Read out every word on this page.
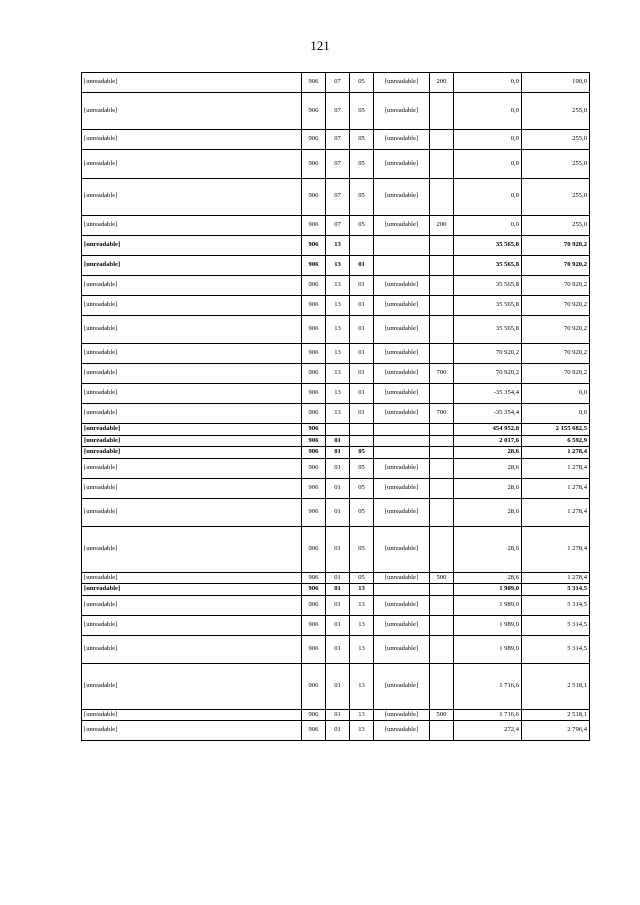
121
[unreadable]	906	07	05	[unreadable]	200	0,0	190,0
[unreadable]	906	07	05	[unreadable]		0,0	255,0
[unreadable]	906	07	05	[unreadable]		0,0	255,0
[unreadable]	906	07	05	[unreadable]		0,0	255,0
[unreadable]	906	07	05	[unreadable]		0,0	255,0
[unreadable]	906	07	05	[unreadable]	200	0,0	255,0
[unreadable]	906	13				35 565,8	70 920,2
[unreadable]	906	13	01			35 565,8	70 920,2
[unreadable]	906	13	01	[unreadable]		35 565,8	70 920,2
[unreadable]	906	13	01	[unreadable]		35 565,8	70 920,2
[unreadable]	906	13	01	[unreadable]		35 565,8	70 920,2
[unreadable]	906	13	01	[unreadable]		70 920,2	70 920,2
[unreadable]	906	13	01	[unreadable]	700	70 920,2	70 920,2
[unreadable]	906	13	01	[unreadable]		-35 354,4	0,0
[unreadable]	906	13	01	[unreadable]	700	-35 354,4	0,0
[unreadable]	906					454 952,8	2 155 682,5
[unreadable]	906	01				2 017,6	6 592,9
[unreadable]	906	01	05			28,6	1 278,4
[unreadable]	906	01	05	[unreadable]		28,6	1 278,4
[unreadable]	906	01	05	[unreadable]		28,6	1 278,4
[unreadable]	906	01	05	[unreadable]		28,6	1 278,4
[unreadable]	906	01	05	[unreadable]		28,6	1 278,4
[unreadable]	906	01	05	[unreadable]	500	28,6	1 278,4
[unreadable]	906	01	13			1 989,0	5 314,5
[unreadable]	906	01	13	[unreadable]		1 989,0	5 314,5
[unreadable]	906	01	13	[unreadable]		1 989,0	5 314,5
[unreadable]	906	01	13	[unreadable]		1 989,0	5 314,5
[unreadable]	906	01	13	[unreadable]		1 716,6	2 518,1
[unreadable]	906	01	13	[unreadable]	500	1 716,6	2 518,1
[unreadable]	906	01	13	[unreadable]		272,4	2 796,4
